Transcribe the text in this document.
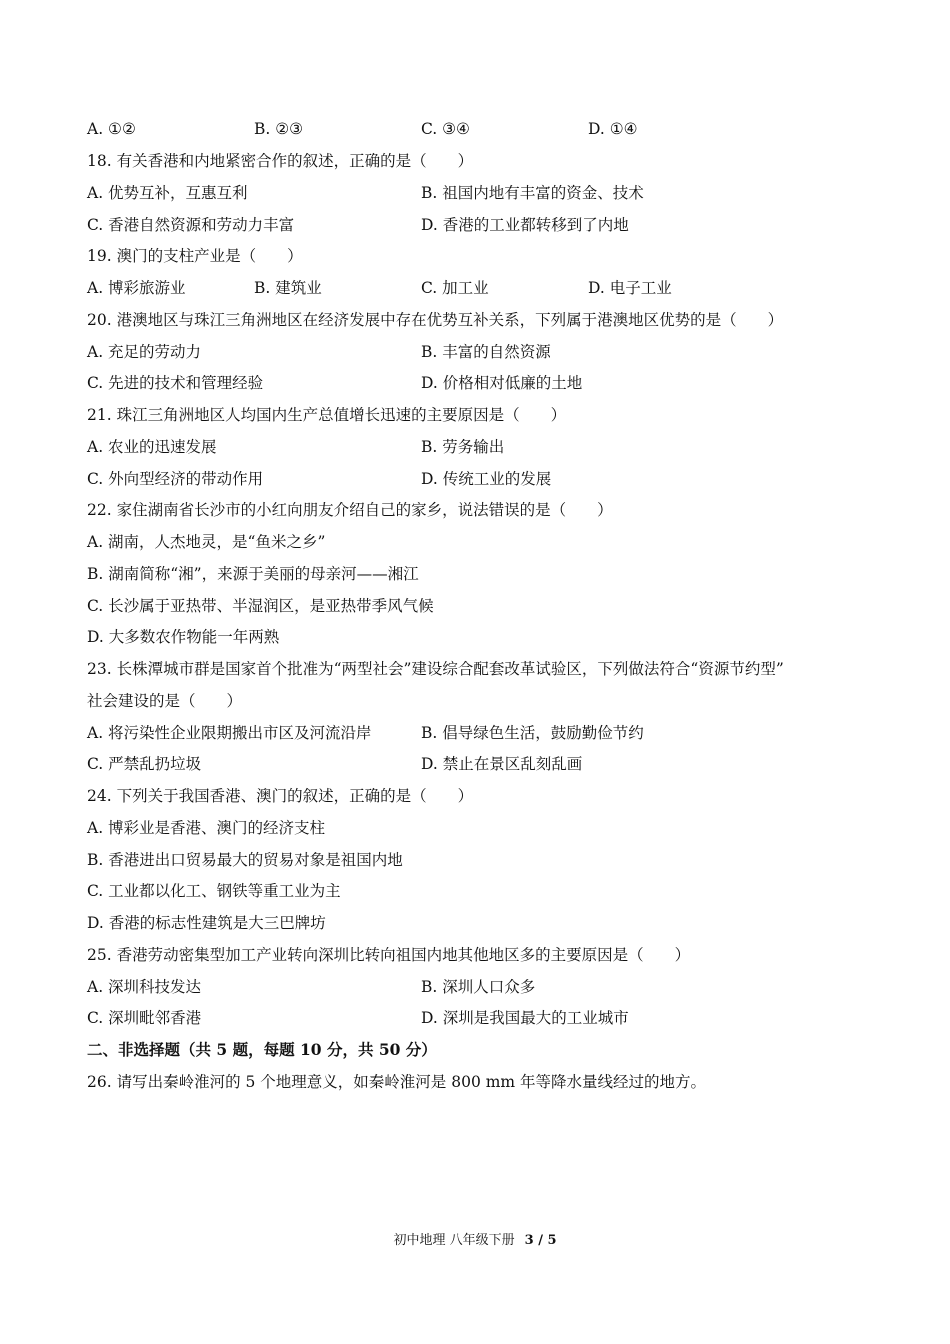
A. ①②	B. ②③	C. ③④	D. ①④
18. 有关香港和内地紧密合作的叙述，正确的是（　　）
A. 优势互补，互惠互利	B. 祖国内地有丰富的资金、技术
C. 香港自然资源和劳动力丰富	D. 香港的工业都转移到了内地
19. 澳门的支柱产业是（　　）
A. 博彩旅游业	B. 建筑业	C. 加工业	D. 电子工业
20. 港澳地区与珠江三角洲地区在经济发展中存在优势互补关系，下列属于港澳地区优势的是（　　）
A. 充足的劳动力	B. 丰富的自然资源
C. 先进的技术和管理经验	D. 价格相对低廉的土地
21. 珠江三角洲地区人均国内生产总值增长迅速的主要原因是（　　）
A. 农业的迅速发展	B. 劳务输出
C. 外向型经济的带动作用	D. 传统工业的发展
22. 家住湖南省长沙市的小红向朋友介绍自己的家乡，说法错误的是（　　）
A. 湖南，人杰地灵，是“鱼米之乡”
B. 湖南简称“湘”，来源于美丽的母亲河——湘江
C. 长沙属于亚热带、半湿润区，是亚热带季风气候
D. 大多数农作物能一年两熟
23. 长株潭城市群是国家首个批准为“两型社会”建设综合配套改革试验区，下列做法符合“资源节约型”
社会建设的是（　　）
A. 将污染性企业限期搬出市区及河流沿岸	B. 倡导绿色生活，鼓励勤俭节约
C. 严禁乱扔垃圾	D. 禁止在景区乱刻乱画
24. 下列关于我国香港、澳门的叙述，正确的是（　　）
A. 博彩业是香港、澳门的经济支柱
B. 香港进出口贸易最大的贸易对象是祖国内地
C. 工业都以化工、钢铁等重工业为主
D. 香港的标志性建筑是大三巴牌坊
25. 香港劳动密集型加工产业转向深圳比转向祖国内地其他地区多的主要原因是（　　）
A. 深圳科技发达	B. 深圳人口众多
C. 深圳毗邻香港	D. 深圳是我国最大的工业城市
二、非选择题（共 5 题，每题 10 分，共 50 分）
26. 请写出秦岭淮河的 5 个地理意义，如秦岭淮河是 800 mm 年等降水量线经过的地方。
初中地理 八年级下册 3 / 5
